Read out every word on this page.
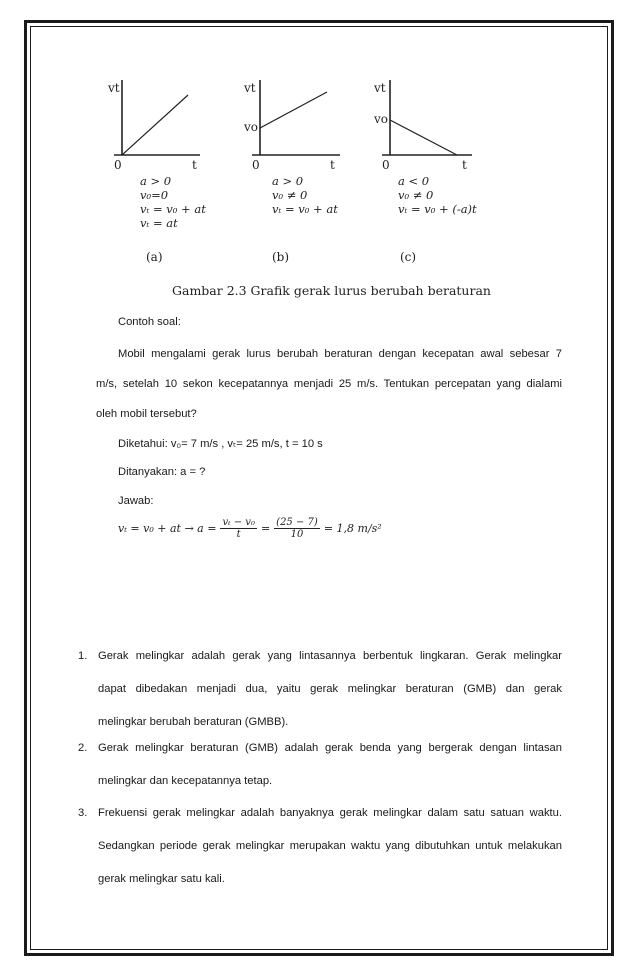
vt
t
0
vt
vo
t
0
vt
vo
t
0
a > 0
v₀=0
vₜ = v₀ + at
vₜ = at
a > 0
v₀ ≠ 0
vₜ = v₀ + at
a < 0
v₀ ≠ 0
vₜ = v₀ + (-a)t
(a)	(b)	(c)
Gambar 2.3 Grafik gerak lurus berubah beraturan
Contoh soal:
Mobil mengalami gerak lurus berubah beraturan dengan kecepatan awal sebesar 7
m/s, setelah 10 sekon kecepatannya menjadi 25 m/s. Tentukan percepatan yang dialami
oleh mobil tersebut?
Diketahui: v₀= 7 m/s , vₜ= 25 m/s, t = 10 s
Ditanyakan: a = ?
Jawab:
vₜ = v₀ + at → $a = \frac{\text{vₜ − v₀}}{t} = \frac{(25 - 7)}{10} = 1,8$ m/s²
1. Gerak melingkar adalah gerak yang lintasannya berbentuk lingkaran. Gerak melingkar
dapat dibedakan menjadi dua, yaitu gerak melingkar beraturan (GMB) dan gerak
melingkar berubah beraturan (GMBB).
2. Gerak melingkar beraturan (GMB) adalah gerak benda yang bergerak dengan lintasan
melingkar dan kecepatannya tetap.
3. Frekuensi gerak melingkar adalah banyaknya gerak melingkar dalam satu satuan waktu.
Sedangkan periode gerak melingkar merupakan waktu yang dibutuhkan untuk melakukan
gerak melingkar satu kali.
